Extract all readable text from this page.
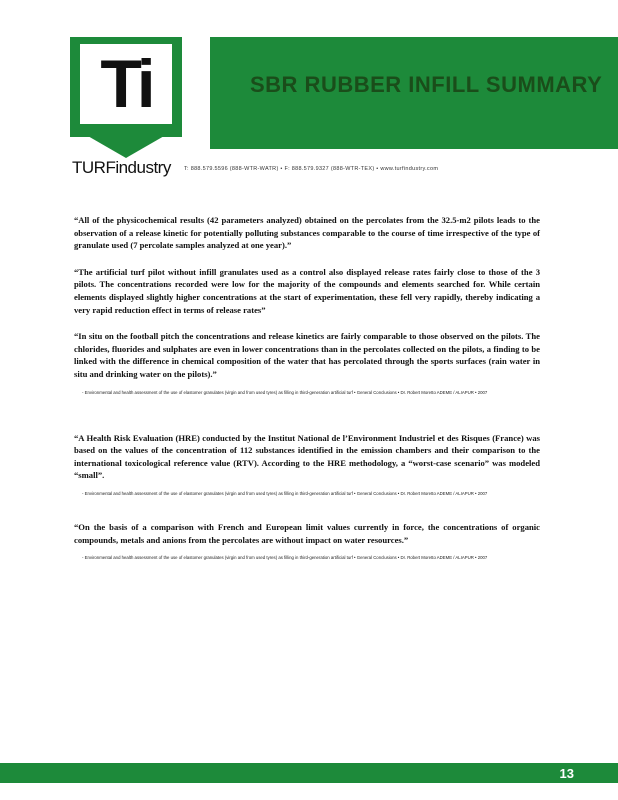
Ti
TM
TURFindustry
SBR RUBBER INFILL SUMMARY
T: 888.579.5596 (888-WTR-WATR) • F: 888.579.9327 (888-WTR-TEX) • www.turfindustry.com

“All of the physicochemical results (42 parameters analyzed) obtained on the percolates from the 32.5-m2 pilots leads to the observation of a release kinetic for potentially polluting substances comparable to the course of time irrespective of the type of granulate used (7 percolate samples analyzed at one year).”

“The artificial turf pilot without infill granulates used as a control also displayed release rates fairly close to those of the 3 pilots. The concentrations recorded were low for the majority of the compounds and elements searched for. While certain elements displayed slightly higher concentrations at the start of experimentation, these fell very rapidly, thereby indicating a very rapid reduction effect in terms of release rates”

“In situ on the football pitch the concentrations and release kinetics are fairly comparable to those observed on the pilots. The chlorides, fluorides and sulphates are even in lower concentrations than in the percolates collected on the pilots, a finding to be linked with the difference in chemical composition of the water that has percolated through the sports surfaces (rain water in situ and drinking water on the pilots).”

- Environmental and health assessment of the use of elastomer granulates (virgin and from used tyres) as filling in third-generation artificial turf • General Conclusions • Dr. Robert Moretto ADEME / ALIAPUR • 2007

“A Health Risk Evaluation (HRE) conducted by the Institut National de l’Environment Industriel et des Risques (France) was based on the values of the concentration of 112 substances identified in the emission chambers and their comparison to the international toxicological reference value (RTV). According to the HRE methodology, a “worst-case scenario” was modeled “small”.

- Environmental and health assessment of the use of elastomer granulates (virgin and from used tyres) as filling in third-generation artificial turf • General Conclusions • Dr. Robert Moretto ADEME / ALIAPUR • 2007

“On the basis of a comparison with French and European limit values currently in force, the concentrations of organic compounds, metals and anions from the percolates are without impact on water resources.”

- Environmental and health assessment of the use of elastomer granulates (virgin and from used tyres) as filling in third-generation artificial turf • General Conclusions • Dr. Robert Moretto ADEME / ALIAPUR • 2007

13
